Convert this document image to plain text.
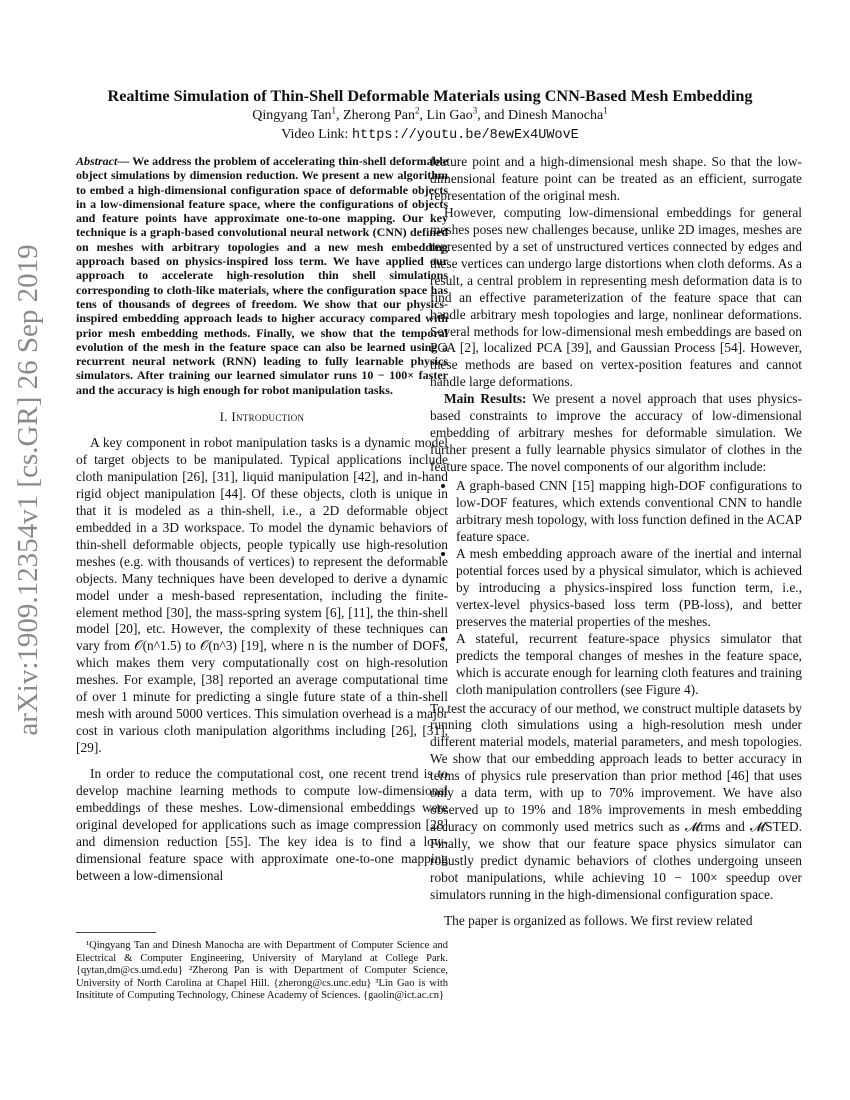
arXiv:1909.12354v1 [cs.GR] 26 Sep 2019
Realtime Simulation of Thin-Shell Deformable Materials using CNN-Based Mesh Embedding
Qingyang Tan$^1$, Zherong Pan$^2$, Lin Gao$^3$, and Dinesh Manocha$^1$
Video Link: https://youtu.be/8ewEx4UWovE
Abstract— We address the problem of accelerating thin-shell deformable object simulations by dimension reduction. We present a new algorithm to embed a high-dimensional configuration space of deformable objects in a low-dimensional feature space, where the configurations of objects and feature points have approximate one-to-one mapping. Our key technique is a graph-based convolutional neural network (CNN) defined on meshes with arbitrary topologies and a new mesh embedding approach based on physics-inspired loss term. We have applied our approach to accelerate high-resolution thin shell simulations corresponding to cloth-like materials, where the configuration space has tens of thousands of degrees of freedom. We show that our physics-inspired embedding approach leads to higher accuracy compared with prior mesh embedding methods. Finally, we show that the temporal evolution of the mesh in the feature space can also be learned using a recurrent neural network (RNN) leading to fully learnable physics simulators. After training our learned simulator runs 10 − 100× faster and the accuracy is high enough for robot manipulation tasks.
I. Introduction

A key component in robot manipulation tasks is a dynamic model of target objects to be manipulated. Typical applications include cloth manipulation [26], [31], liquid manipulation [42], and in-hand rigid object manipulation [44]. Of these objects, cloth is unique in that it is modeled as a thin-shell, i.e., a 2D deformable object embedded in a 3D workspace. To model the dynamic behaviors of thin-shell deformable objects, people typically use high-resolution meshes (e.g. with thousands of vertices) to represent the deformable objects. Many techniques have been developed to derive a dynamic model under a mesh-based representation, including the finite-element method [30], the mass-spring system [6], [11], the thin-shell model [20], etc. However, the complexity of these techniques can vary from 𝒪(n^1.5) to 𝒪(n^3) [19], where n is the number of DOFs, which makes them very computationally cost on high-resolution meshes. For example, [38] reported an average computational time of over 1 minute for predicting a single future state of a thin-shell mesh with around 5000 vertices. This simulation overhead is a major cost in various cloth manipulation algorithms including [26], [31], [29].

In order to reduce the computational cost, one recent trend is to develop machine learning methods to compute low-dimensional embeddings of these meshes. Low-dimensional embeddings were original developed for applications such as image compression [28] and dimension reduction [55]. The key idea is to find a low-dimensional feature space with approximate one-to-one mapping between a low-dimensional

¹Qingyang Tan and Dinesh Manocha are with Department of Computer Science and Electrical & Computer Engineering, University of Maryland at College Park. {qytan,dm@cs.umd.edu} ²Zherong Pan is with Department of Computer Science, University of North Carolina at Chapel Hill. {zherong@cs.unc.edu} ³Lin Gao is with Insititute of Computing Technology, Chinese Academy of Sciences. {gaolin@ict.ac.cn}

feature point and a high-dimensional mesh shape. So that the low-dimensional feature point can be treated as an efficient, surrogate representation of the original mesh.

However, computing low-dimensional embeddings for general meshes poses new challenges because, unlike 2D images, meshes are represented by a set of unstructured vertices connected by edges and these vertices can undergo large distortions when cloth deforms. As a result, a central problem in representing mesh deformation data is to find an effective parameterization of the feature space that can handle arbitrary mesh topologies and large, nonlinear deformations. Several methods for low-dimensional mesh embeddings are based on PCA [2], localized PCA [39], and Gaussian Process [54]. However, these methods are based on vertex-position features and cannot handle large deformations.

Main Results: We present a novel approach that uses physics-based constraints to improve the accuracy of low-dimensional embedding of arbitrary meshes for deformable simulation. We further present a fully learnable physics simulator of clothes in the feature space. The novel components of our algorithm include:

• A graph-based CNN [15] mapping high-DOF configurations to low-DOF features, which extends conventional CNN to handle arbitrary mesh topology, with loss function defined in the ACAP feature space.
• A mesh embedding approach aware of the inertial and internal potential forces used by a physical simulator, which is achieved by introducing a physics-inspired loss function term, i.e., vertex-level physics-based loss term (PB-loss), and better preserves the material properties of the meshes.
• A stateful, recurrent feature-space physics simulator that predicts the temporal changes of meshes in the feature space, which is accurate enough for learning cloth features and training cloth manipulation controllers (see Figure 4).

To test the accuracy of our method, we construct multiple datasets by running cloth simulations using a high-resolution mesh under different material models, material parameters, and mesh topologies. We show that our embedding approach leads to better accuracy in terms of physics rule preservation than prior method [46] that uses only a data term, with up to 70% improvement. We have also observed up to 19% and 18% improvements in mesh embedding accuracy on commonly used metrics such as 𝓜rms and 𝓜STED. Finally, we show that our feature space physics simulator can robustly predict dynamic behaviors of clothes undergoing unseen robot manipulations, while achieving 10 − 100× speedup over simulators running in the high-dimensional configuration space.

The paper is organized as follows. We first review related
